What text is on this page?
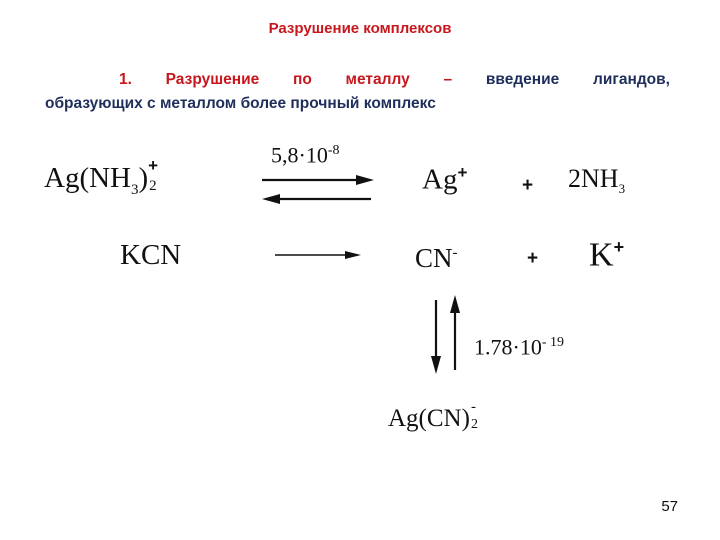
Разрушение комплексов
1. Разрушение по металлу – введение лигандов,
образующих с металлом более прочный комплекс
$Ag(NH_3)$ +
2
$5,8\cdot 10^{-8}$
Ag+
+ $2NH_3$
KCN	CN-	+ K+
$1.78\cdot 10^{- 19}$
Ag(CN) -
2
57
